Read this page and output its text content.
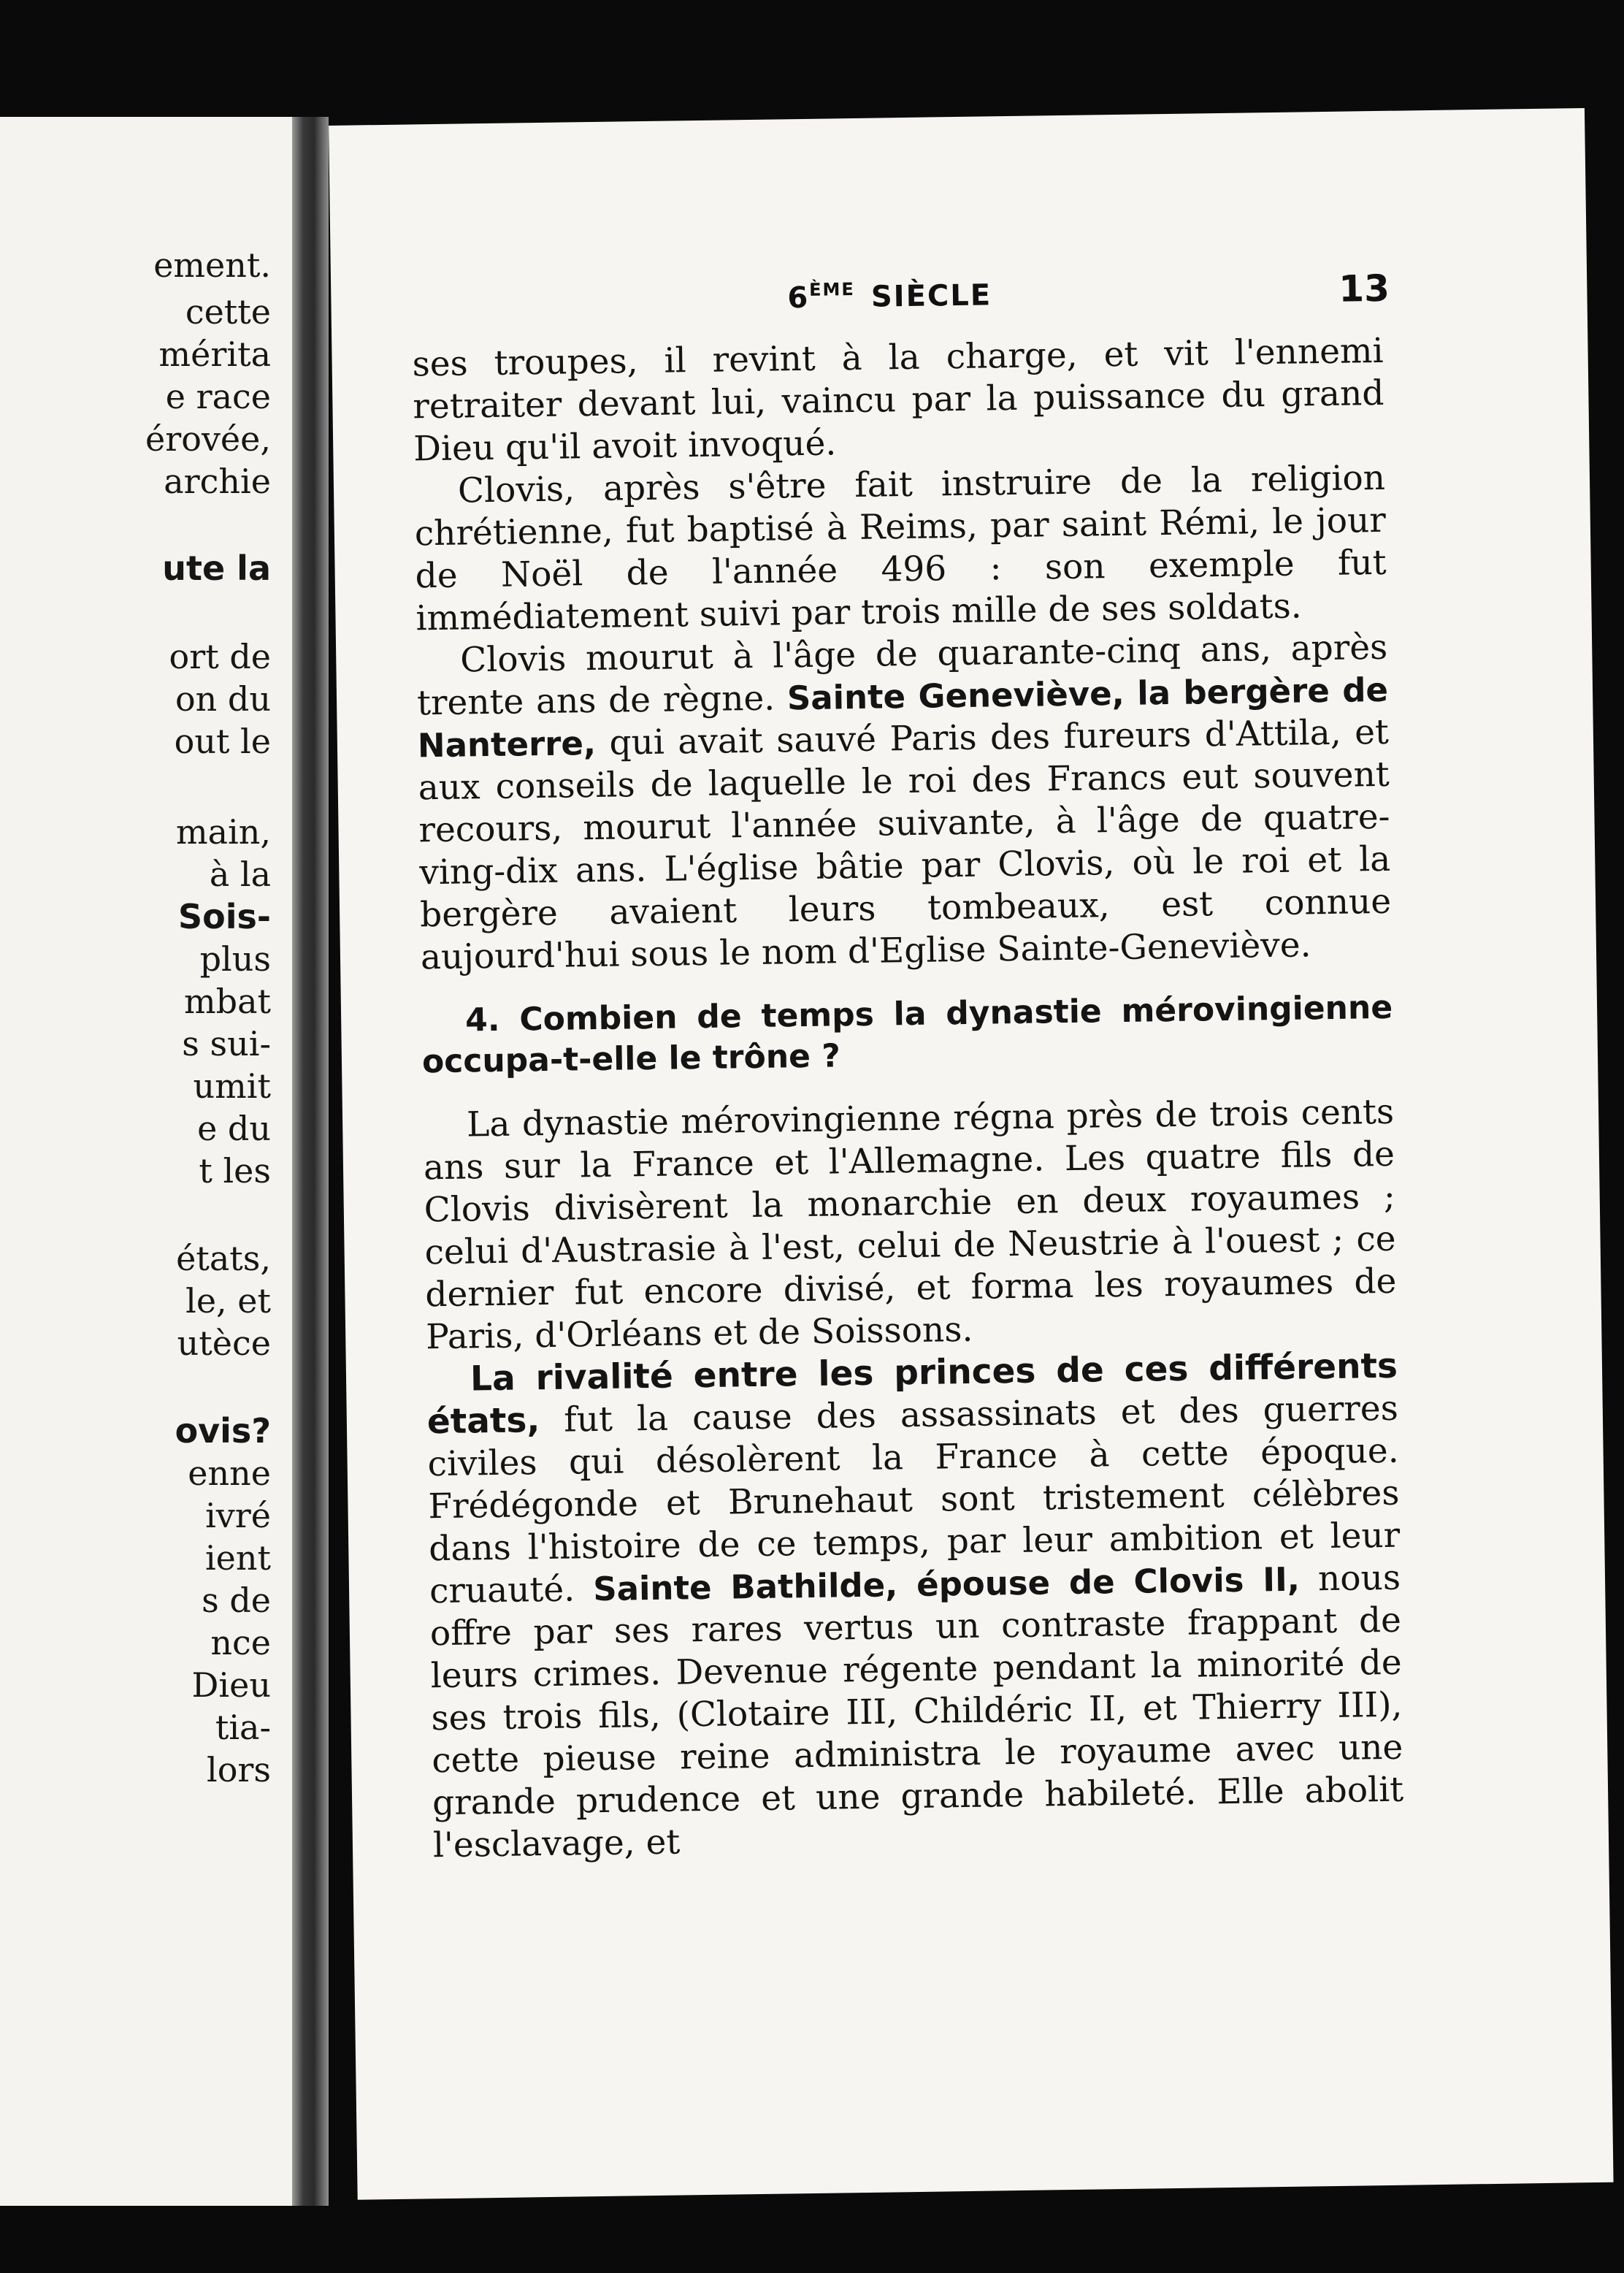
ement.
cette
mérita
e race
érovée,
archie
ute la
ort de
on du
out le
main,
à la
Sois-
plus
mbat
s sui-
umit
e du
t les
états,
le, et
utèce
ovis?
enne
ivré
ient
s de
nce
Dieu
tia-
lors
6ÈME SIÈCLE	13

ses troupes, il revint à la charge, et vit l'ennemi retraiter devant lui, vaincu par la puissance du grand Dieu qu'il avoit invoqué.

Clovis, après s'être fait instruire de la religion chrétienne, fut baptisé à Reims, par saint Rémi, le jour de Noël de l'année 496 : son exemple fut immédiatement suivi par trois mille de ses soldats.

Clovis mourut à l'âge de quarante-cinq ans, après trente ans de règne. Sainte Geneviève, la bergère de Nanterre, qui avait sauvé Paris des fureurs d'Attila, et aux conseils de laquelle le roi des Francs eut souvent recours, mourut l'année suivante, à l'âge de quatre-ving-dix ans. L'église bâtie par Clovis, où le roi et la bergère avaient leurs tombeaux, est connue aujourd'hui sous le nom d'Eglise Sainte-Geneviève.

4. Combien de temps la dynastie mérovingienne occupa-t-elle le trône ?

La dynastie mérovingienne régna près de trois cents ans sur la France et l'Allemagne. Les quatre fils de Clovis divisèrent la monarchie en deux royaumes ; celui d'Austrasie à l'est, celui de Neustrie à l'ouest ; ce dernier fut encore divisé, et forma les royaumes de Paris, d'Orléans et de Soissons.

La rivalité entre les princes de ces différents états, fut la cause des assassinats et des guerres civiles qui désolèrent la France à cette époque. Frédégonde et Brunehaut sont tristement célèbres dans l'histoire de ce temps, par leur ambition et leur cruauté. Sainte Bathilde, épouse de Clovis II, nous offre par ses rares vertus un contraste frappant de leurs crimes. Devenue régente pendant la minorité de ses trois fils, (Clotaire III, Childéric II, et Thierry III), cette pieuse reine administra le royaume avec une grande prudence et une grande habileté. Elle abolit l'esclavage, et
